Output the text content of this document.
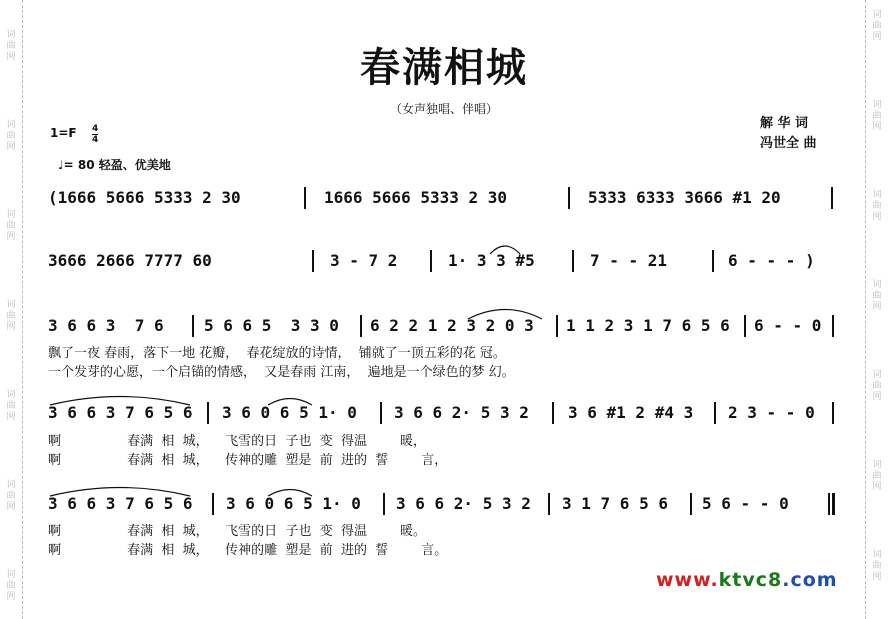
词曲网
词曲网
词曲网
词曲网
词曲网
词曲网
词曲网
词曲网
词曲网
词曲网
词曲网
词曲网
词曲网
词曲网
春满相城
（女声独唱、伴唱）
解 华 词
冯世全 曲
1=F 4
4
♩= 80 轻盈、优美地
(1666 5666 5333 2 30	1666 5666 5333 2 30	5333 6333 3666 #1 20
3666 2666 7777 60	3 - 7 2	1· 3 3 #5	7 - - 21	6 - - - )
3 6 6 3  7 6	5 6 6 5  3 3 0 6 2 2 1 2 3 2 0 3 1 1 2 3 1 7 6 5 6 6 - - 0
飘了一夜 春雨，落下一地 花瓣，  春花绽放的诗情，  铺就了一顶五彩的花 冠。
一个发芽的心愿，一个启锚的情感，  又是春雨 江南，  遍地是一个绿色的梦 幻。
3 6 6 3 7 6 5 6 3 6 0 6 5 1· 0 3 6 6 2· 5 3 2 3 6 #1 2 #4 3 2 3 - - 0
啊                春满  相  城，    飞雪的日  子也  变  得温        暖，
啊                春满  相  城，    传神的雕  塑是  前  进的  誓        言，
3 6 6 3 7 6 5 6 3 6 0 6 5 1· 0 3 6 6 2· 5 3 2 3 1 7 6 5 6 5 6 - - 0
啊                春满  相  城，    飞雪的日  子也  变  得温        暖。
啊                春满  相  城，    传神的雕  塑是  前  进的  誓        言。
www.ktvc8.com
